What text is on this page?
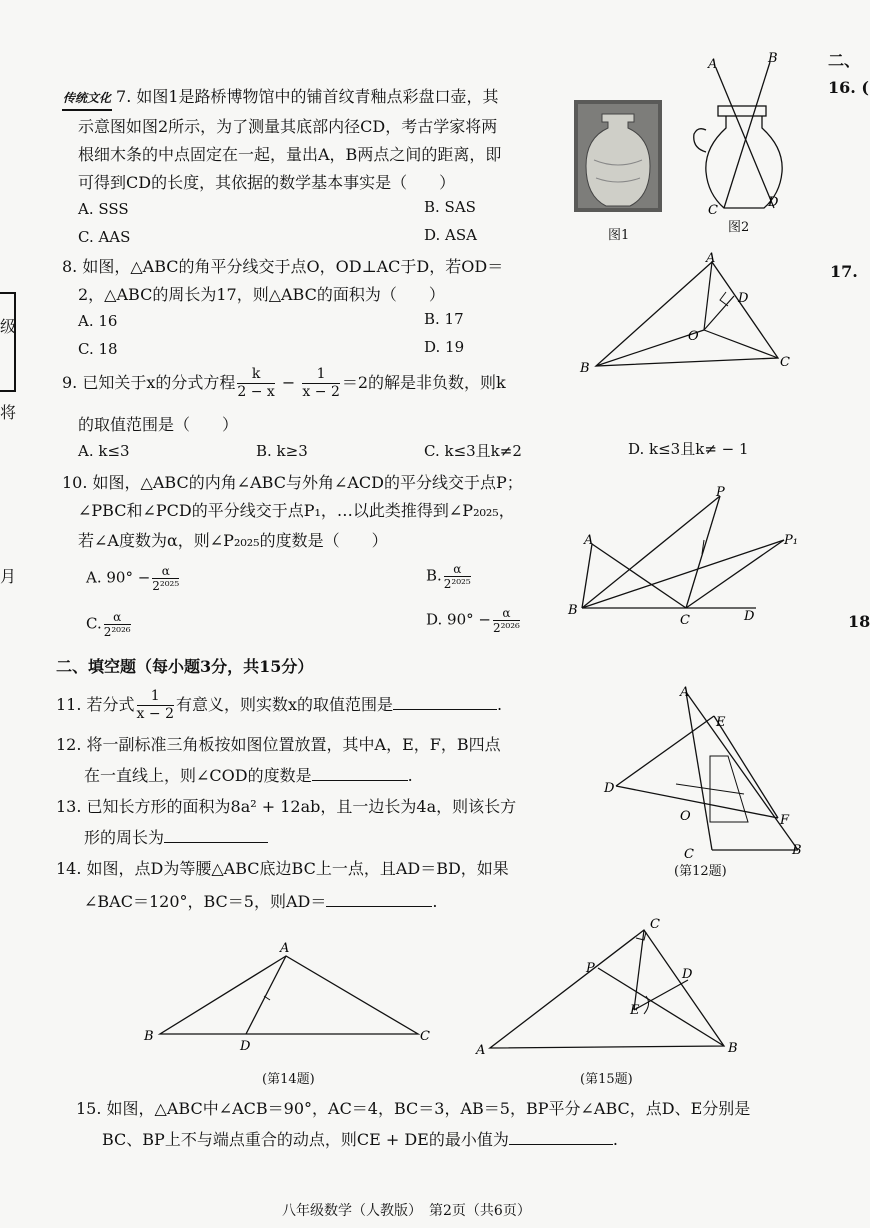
二、
16. (
17.
18
级
将
月
传统文化 7. 如图1是路桥博物馆中的铺首纹青釉点彩盘口壶，其
示意图如图2所示，为了测量其底部内径CD，考古学家将两
根细木条的中点固定在一起，量出A，B两点之间的距离，即
可得到CD的长度，其依据的数学基本事实是（　　）
A. SSS	B. SAS
C. AAS	D. ASA	图1
A	B
C
D
图2
8. 如图，△ABC的角平分线交于点O，OD⊥AC于D，若OD＝
2，△ABC的周长为17，则△ABC的面积为（　　）
A. 16	B. 17
C. 18	D. 19
A
D
O
B	C
9. 已知关于x的分式方程 $\frac{k}{2 - x} - \frac{1}{x - 2} =2$的解是非负数，则k
的取值范围是（　　）
A. k≤3	B. k≥3	C. k≤3且k≠2	D. k≤3且k≠ − 1
10. 如图，△ABC的内角∠ABC与外角∠ACD的平分线交于点P；
∠PBC和∠PCD的平分线交于点P₁，…以此类推得到∠P₂₀₂₅，
若∠A度数为α，则∠P₂₀₂₅的度数是（　　）
A. $90^\circ - \frac{\alpha}{\text{2²⁰²⁵}}$	B. $\frac{\alpha}{\text{2²⁰²⁵}}$
C. $\frac{\alpha}{\text{2²⁰²⁶}}$	D. $90^\circ - \frac{\alpha}{\text{2²⁰²⁶}}$
P
A	P₁
B
C	D
二、填空题（每小题3分，共15分）
11. 若分式 $\frac{1}{x - 2}$ 有意义，则实数x的取值范围是	.
12. 将一副标准三角板按如图位置放置，其中A，E，F，B四点
在一直线上，则∠COD的度数是	.
A
E
D
O	F
C	B
(第12题)
13. 已知长方形的面积为8a² + 12ab，且一边长为4a，则该长方
形的周长为
14. 如图，点D为等腰△ABC底边BC上一点，且AD＝BD，如果
∠BAC＝120°，BC＝5，则AD＝	.
A
B
D
C
(第14题)
C
P	D
E
A	B
(第15题)
15. 如图，△ABC中∠ACB＝90°，AC＝4，BC＝3，AB＝5，BP平分∠ABC，点D、E分别是
BC、BP上不与端点重合的动点，则CE + DE的最小值为	.
八年级数学（人教版）　第2页（共6页）
